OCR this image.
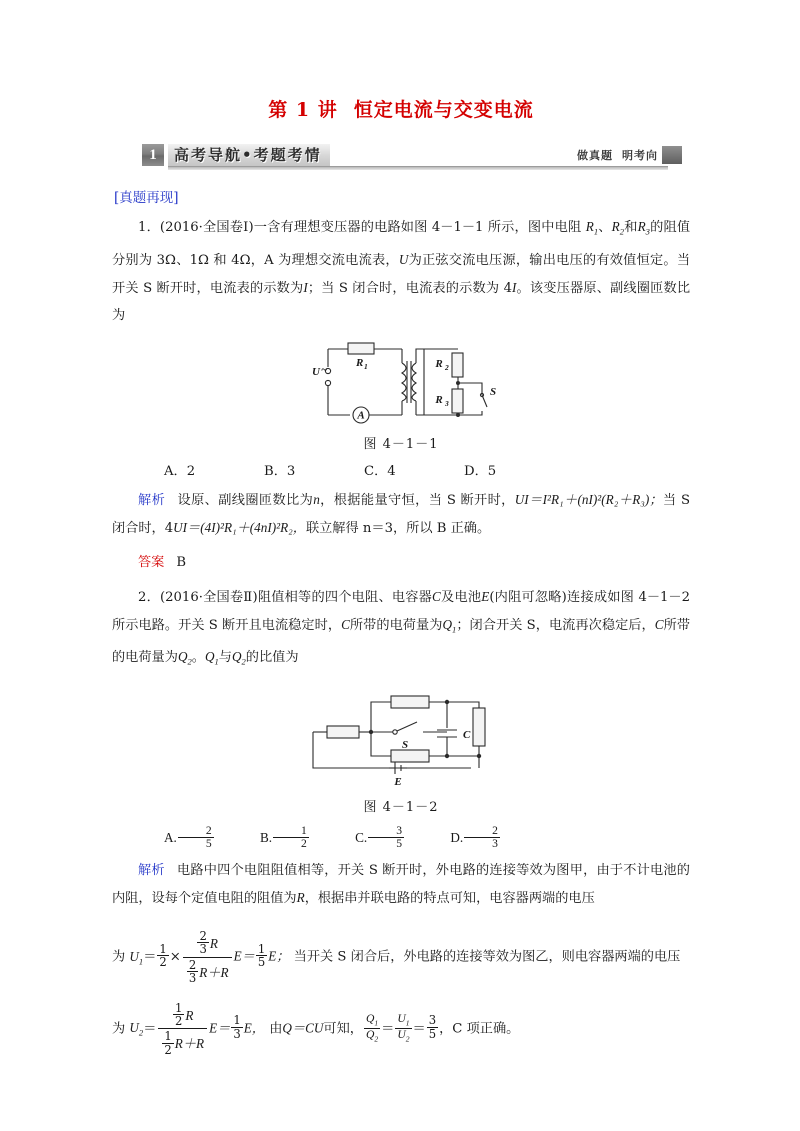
第 1 讲 恒定电流与交变电流
1	高考导航•考题考情	做真题 明考向
[真题再现]

1．(2016·全国卷Ⅰ)一含有理想变压器的电路如图 4－1－1 所示，图中电阻 $R_1$、$R_2$和$R_3$的阻值分别为 3Ω、1Ω 和 4Ω，A 为理想交流电流表，U为正弦交流电压源，输出电压的有效值恒定。当开关 S 断开时，电流表的示数为I；当 S 闭合时，电流表的示数为 4I。该变压器原、副线圈匝数比为

A
R 2
R 3
S
R 1
U ~
图 4－1－1
A．2	B．3	C．4	D．5

解析 设原、副线圈匝数比为n，根据能量守恒，当 S 断开时，UI＝I²R₁＋(nI)²(R₂＋R₃)；当 S 闭合时，4UI＝(4I)²R₁＋(4nI)²R₂，联立解得 n＝3，所以 B 正确。

答案 B

2．(2016·全国卷Ⅱ)阻值相等的四个电阻、电容器C及电池E(内阻可忽略)连接成如图 4－1－2 所示电路。开关 S 断开且电流稳定时，C所带的电荷量为$Q_1$；闭合开关 S，电流再次稳定后，C所带的电荷量为$Q_2$。$Q_1$与$Q_2$的比值为

E
S
C
图 4－1－2
A. $\frac{2}{5}$	B. $\frac{1}{2}$	C. $\frac{3}{5}$	D. $\frac{2}{3}$

解析 电路中四个电阻阻值相等，开关 S 断开时，外电路的连接等效为图甲，由于不计电池的内阻，设每个定值电阻的阻值为R，根据串并联电路的特点可知，电容器两端的电压

为 $U_1= \frac{1}{2} \times \frac{\frac{2}{3} R}{\frac{2}{3} R+R} E= \frac{1}{5}$ E； 当开关 S 闭合后，外电路的连接等效为图乙，则电容器两端的电压
为 $U_2= \frac{\frac{1}{2} R}{\frac{1}{2} R+R} E= \frac{1}{3}$ E， 由Q＝CU可知， $\frac{Q_1}{Q_2} = \frac{U_1}{U_2} = \frac{3}{5}$ ，C 项正确。
